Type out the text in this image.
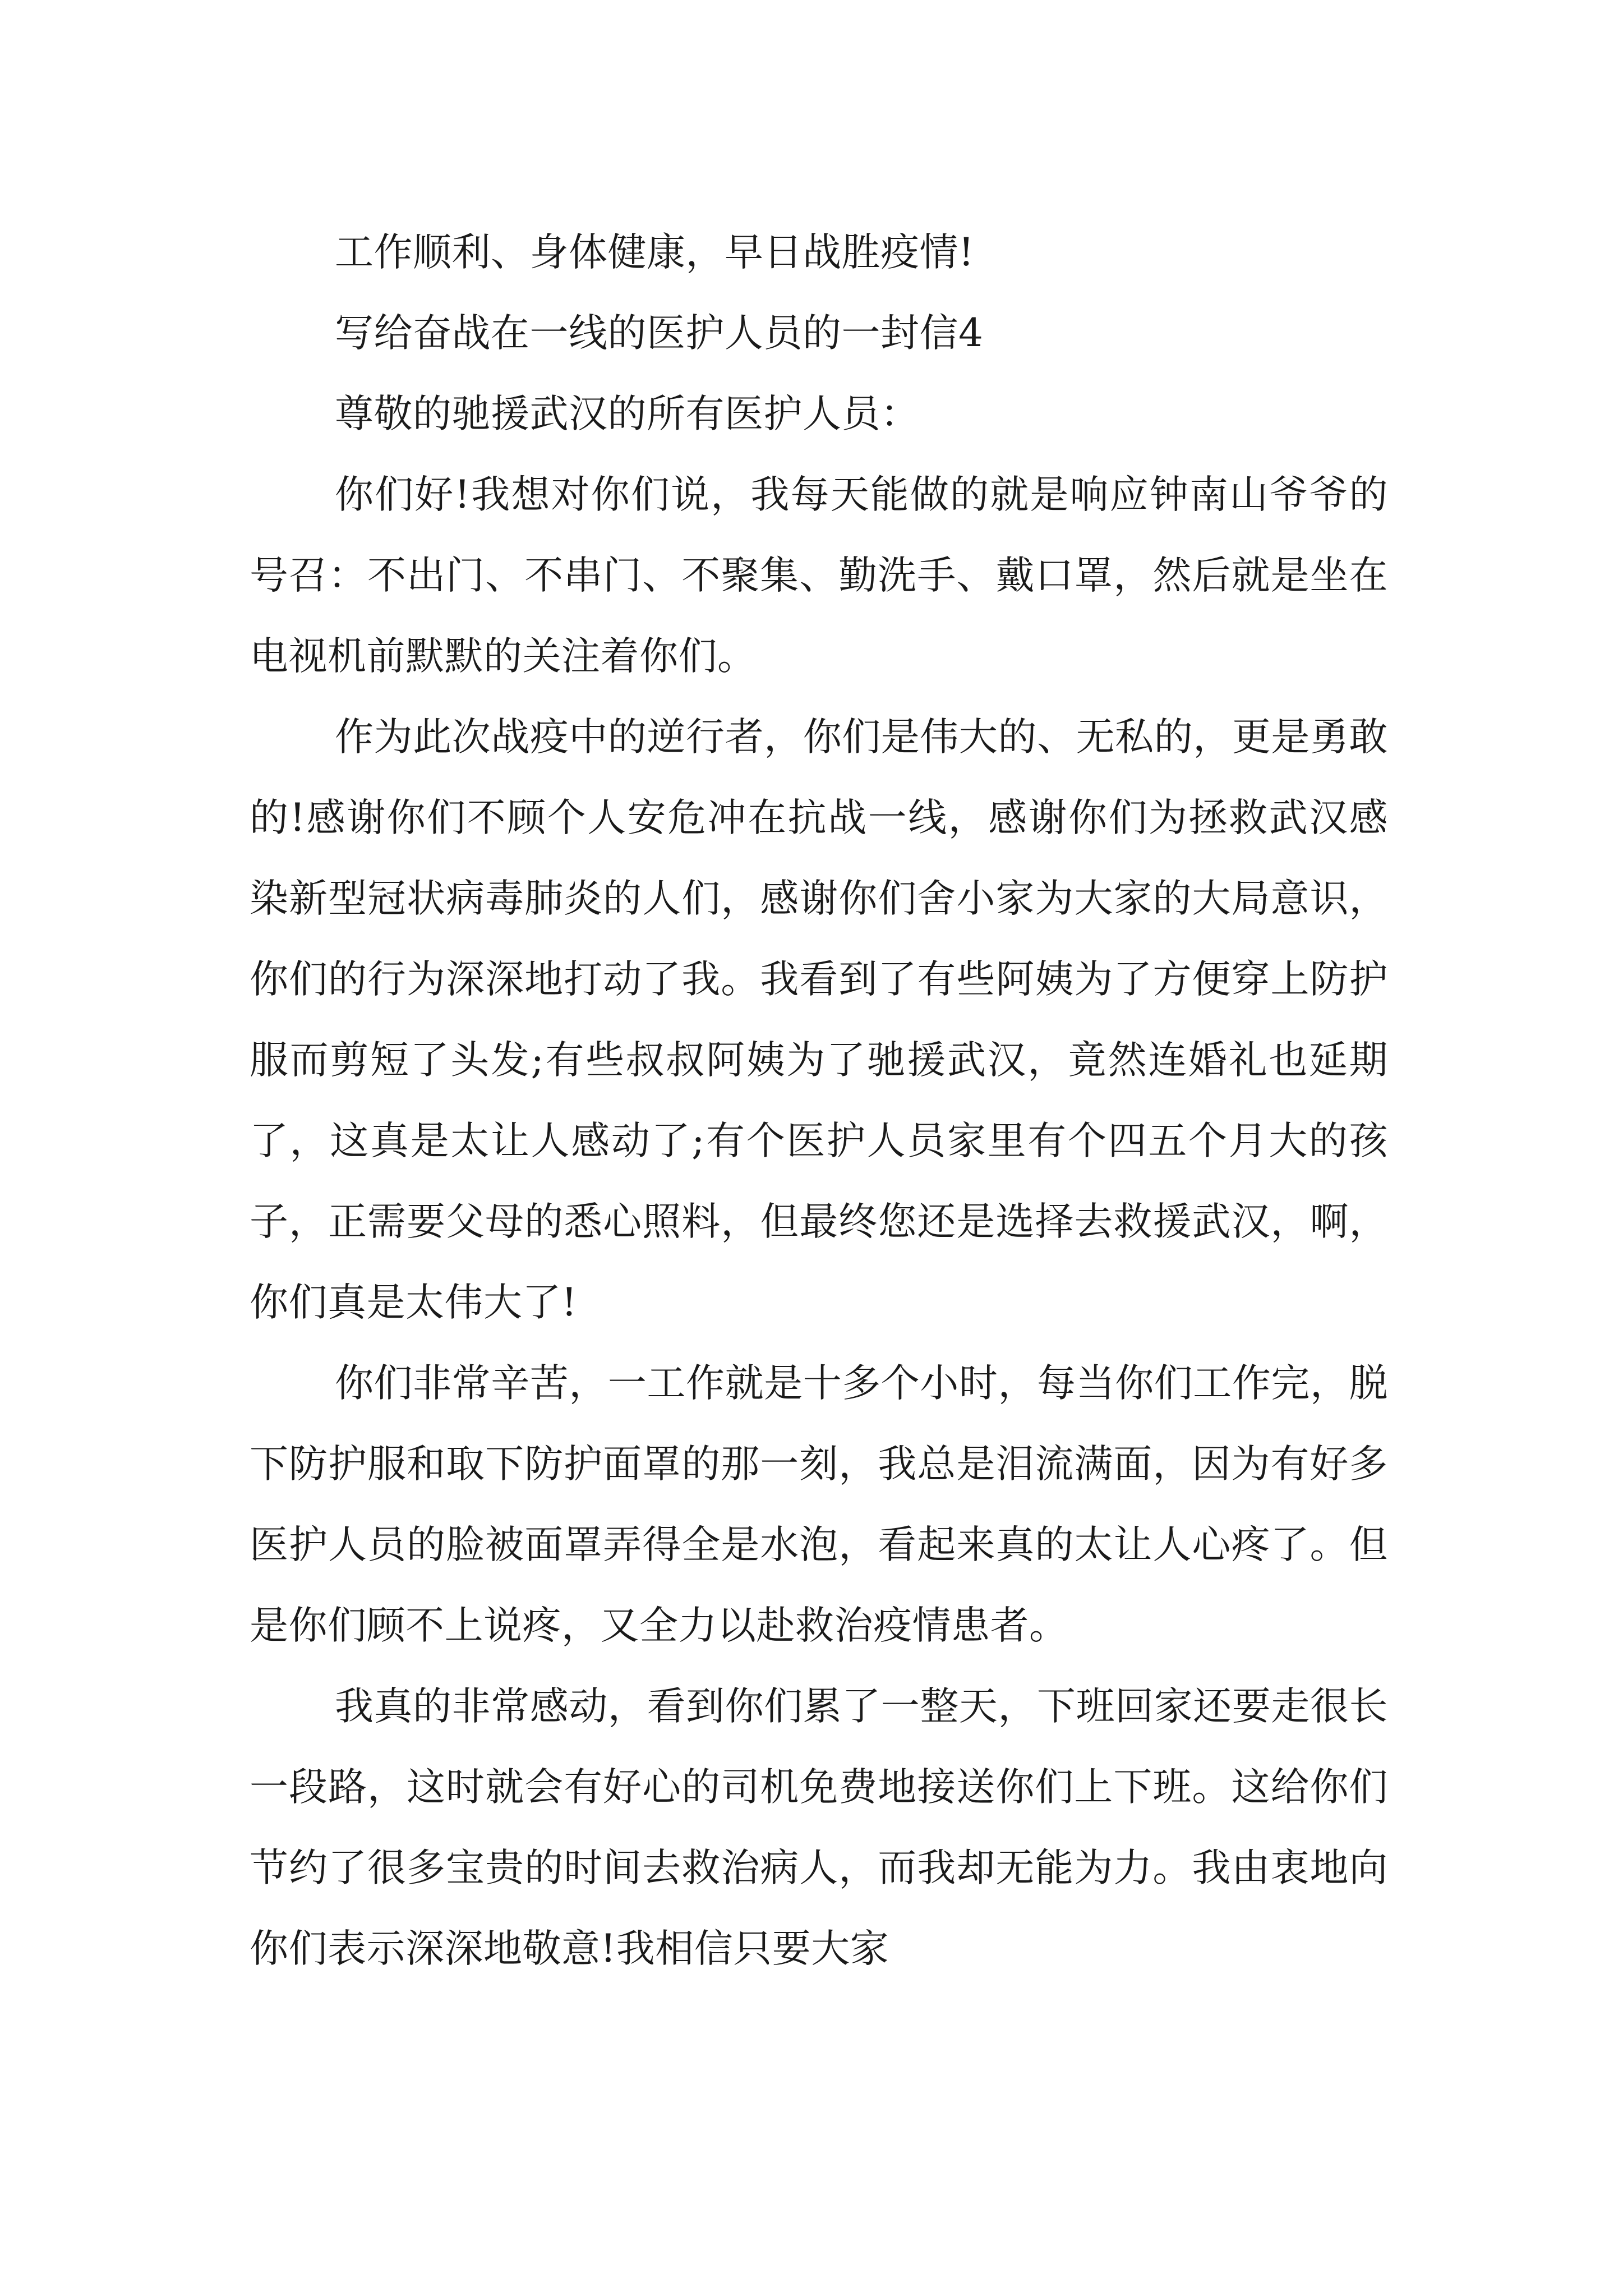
工作顺利、身体健康，早日战胜疫情!

写给奋战在一线的医护人员的一封信4

尊敬的驰援武汉的所有医护人员：

你们好!我想对你们说，我每天能做的就是响应钟南山爷爷的号召：不出门、不串门、不聚集、勤洗手、戴口罩，然后就是坐在电视机前默默的关注着你们。

作为此次战疫中的逆行者，你们是伟大的、无私的，更是勇敢的!感谢你们不顾个人安危冲在抗战一线，感谢你们为拯救武汉感染新型冠状病毒肺炎的人们，感谢你们舍小家为大家的大局意识，你们的行为深深地打动了我。我看到了有些阿姨为了方便穿上防护服而剪短了头发;有些叔叔阿姨为了驰援武汉，竟然连婚礼也延期了，这真是太让人感动了;有个医护人员家里有个四五个月大的孩子，正需要父母的悉心照料，但最终您还是选择去救援武汉，啊，你们真是太伟大了!

你们非常辛苦，一工作就是十多个小时，每当你们工作完，脱下防护服和取下防护面罩的那一刻，我总是泪流满面，因为有好多医护人员的脸被面罩弄得全是水泡，看起来真的太让人心疼了。但是你们顾不上说疼，又全力以赴救治疫情患者。

我真的非常感动，看到你们累了一整天，下班回家还要走很长一段路，这时就会有好心的司机免费地接送你们上下班。这给你们节约了很多宝贵的时间去救治病人，而我却无能为力。我由衷地向你们表示深深地敬意!我相信只要大家
